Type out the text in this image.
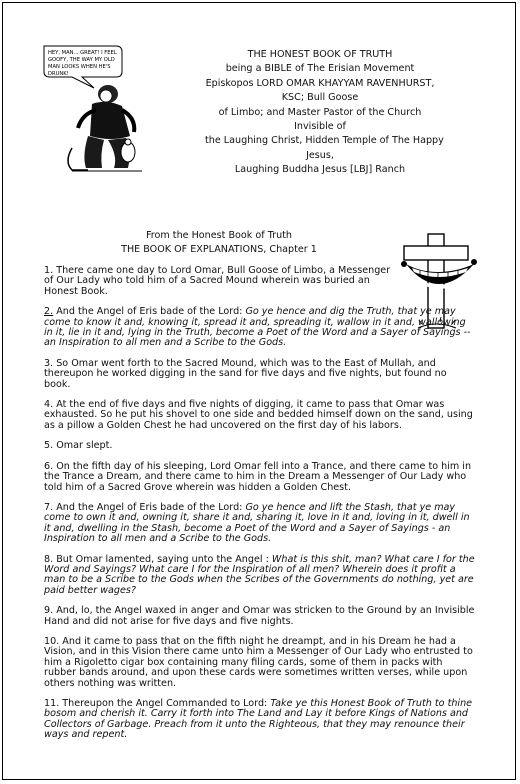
HEY, MAN... GREAT! I FEEL
GOOFY, THE WAY MY OLD
MAN LOOKS WHEN HE'S
DRUNK!
THE HONEST BOOK OF TRUTH
being a BIBLE of The Erisian Movement
Episkopos LORD OMAR KHAYYAM RAVENHURST,
KSC; Bull Goose
of Limbo; and Master Pastor of the Church
Invisible of
the Laughing Christ, Hidden Temple of The Happy
Jesus,
Laughing Buddha Jesus [LBJ] Ranch
From the Honest Book of Truth
THE BOOK OF EXPLANATIONS, Chapter 1

1. There came one day to Lord Omar, Bull Goose of Limbo, a Messenger of Our Lady who told him of a Sacred Mound wherein was buried an Honest Book.

2. And the Angel of Eris bade of the Lord: Go ye hence and dig the Truth, that ye may come to know it and, knowing it, spread it and, spreading it, wallow in it and, wallowing in it, lie in it and, lying in the Truth, become a Poet of the Word and a Sayer of Sayings -- an Inspiration to all men and a Scribe to the Gods.

3. So Omar went forth to the Sacred Mound, which was to the East of Mullah, and thereupon he worked digging in the sand for five days and five nights, but found no book.

4. At the end of five days and five nights of digging, it came to pass that Omar was exhausted. So he put his shovel to one side and bedded himself down on the sand, using as a pillow a Golden Chest he had uncovered on the first day of his labors.

5. Omar slept.

6. On the fifth day of his sleeping, Lord Omar fell into a Trance, and there came to him in the Trance a Dream, and there came to him in the Dream a Messenger of Our Lady who told him of a Sacred Grove wherein was hidden a Golden Chest.

7. And the Angel of Eris bade of the Lord: Go ye hence and lift the Stash, that ye may come to own it and, owning it, share it and, sharing it, love in it and, loving in it, dwell in it and, dwelling in the Stash, become a Poet of the Word and a Sayer of Sayings - an Inspiration to all men and a Scribe to the Gods.

8. But Omar lamented, saying unto the Angel : What is this shit, man? What care I for the Word and Sayings? What care I for the Inspiration of all men? Wherein does it profit a man to be a Scribe to the Gods when the Scribes of the Governments do nothing, yet are paid better wages?

9. And, lo, the Angel waxed in anger and Omar was stricken to the Ground by an Invisible Hand and did not arise for five days and five nights.

10. And it came to pass that on the fifth night he dreampt, and in his Dream he had a Vision, and in this Vision there came unto him a Messenger of Our Lady who entrusted to him a Rigoletto cigar box containing many filing cards, some of them in packs with rubber bands around, and upon these cards were sometimes written verses, while upon others nothing was written.

11. Thereupon the Angel Commanded to Lord: Take ye this Honest Book of Truth to thine bosom and cherish it. Carry it forth into The Land and Lay it before Kings of Nations and Collectors of Garbage. Preach from it unto the Righteous, that they may renounce their ways and repent.
